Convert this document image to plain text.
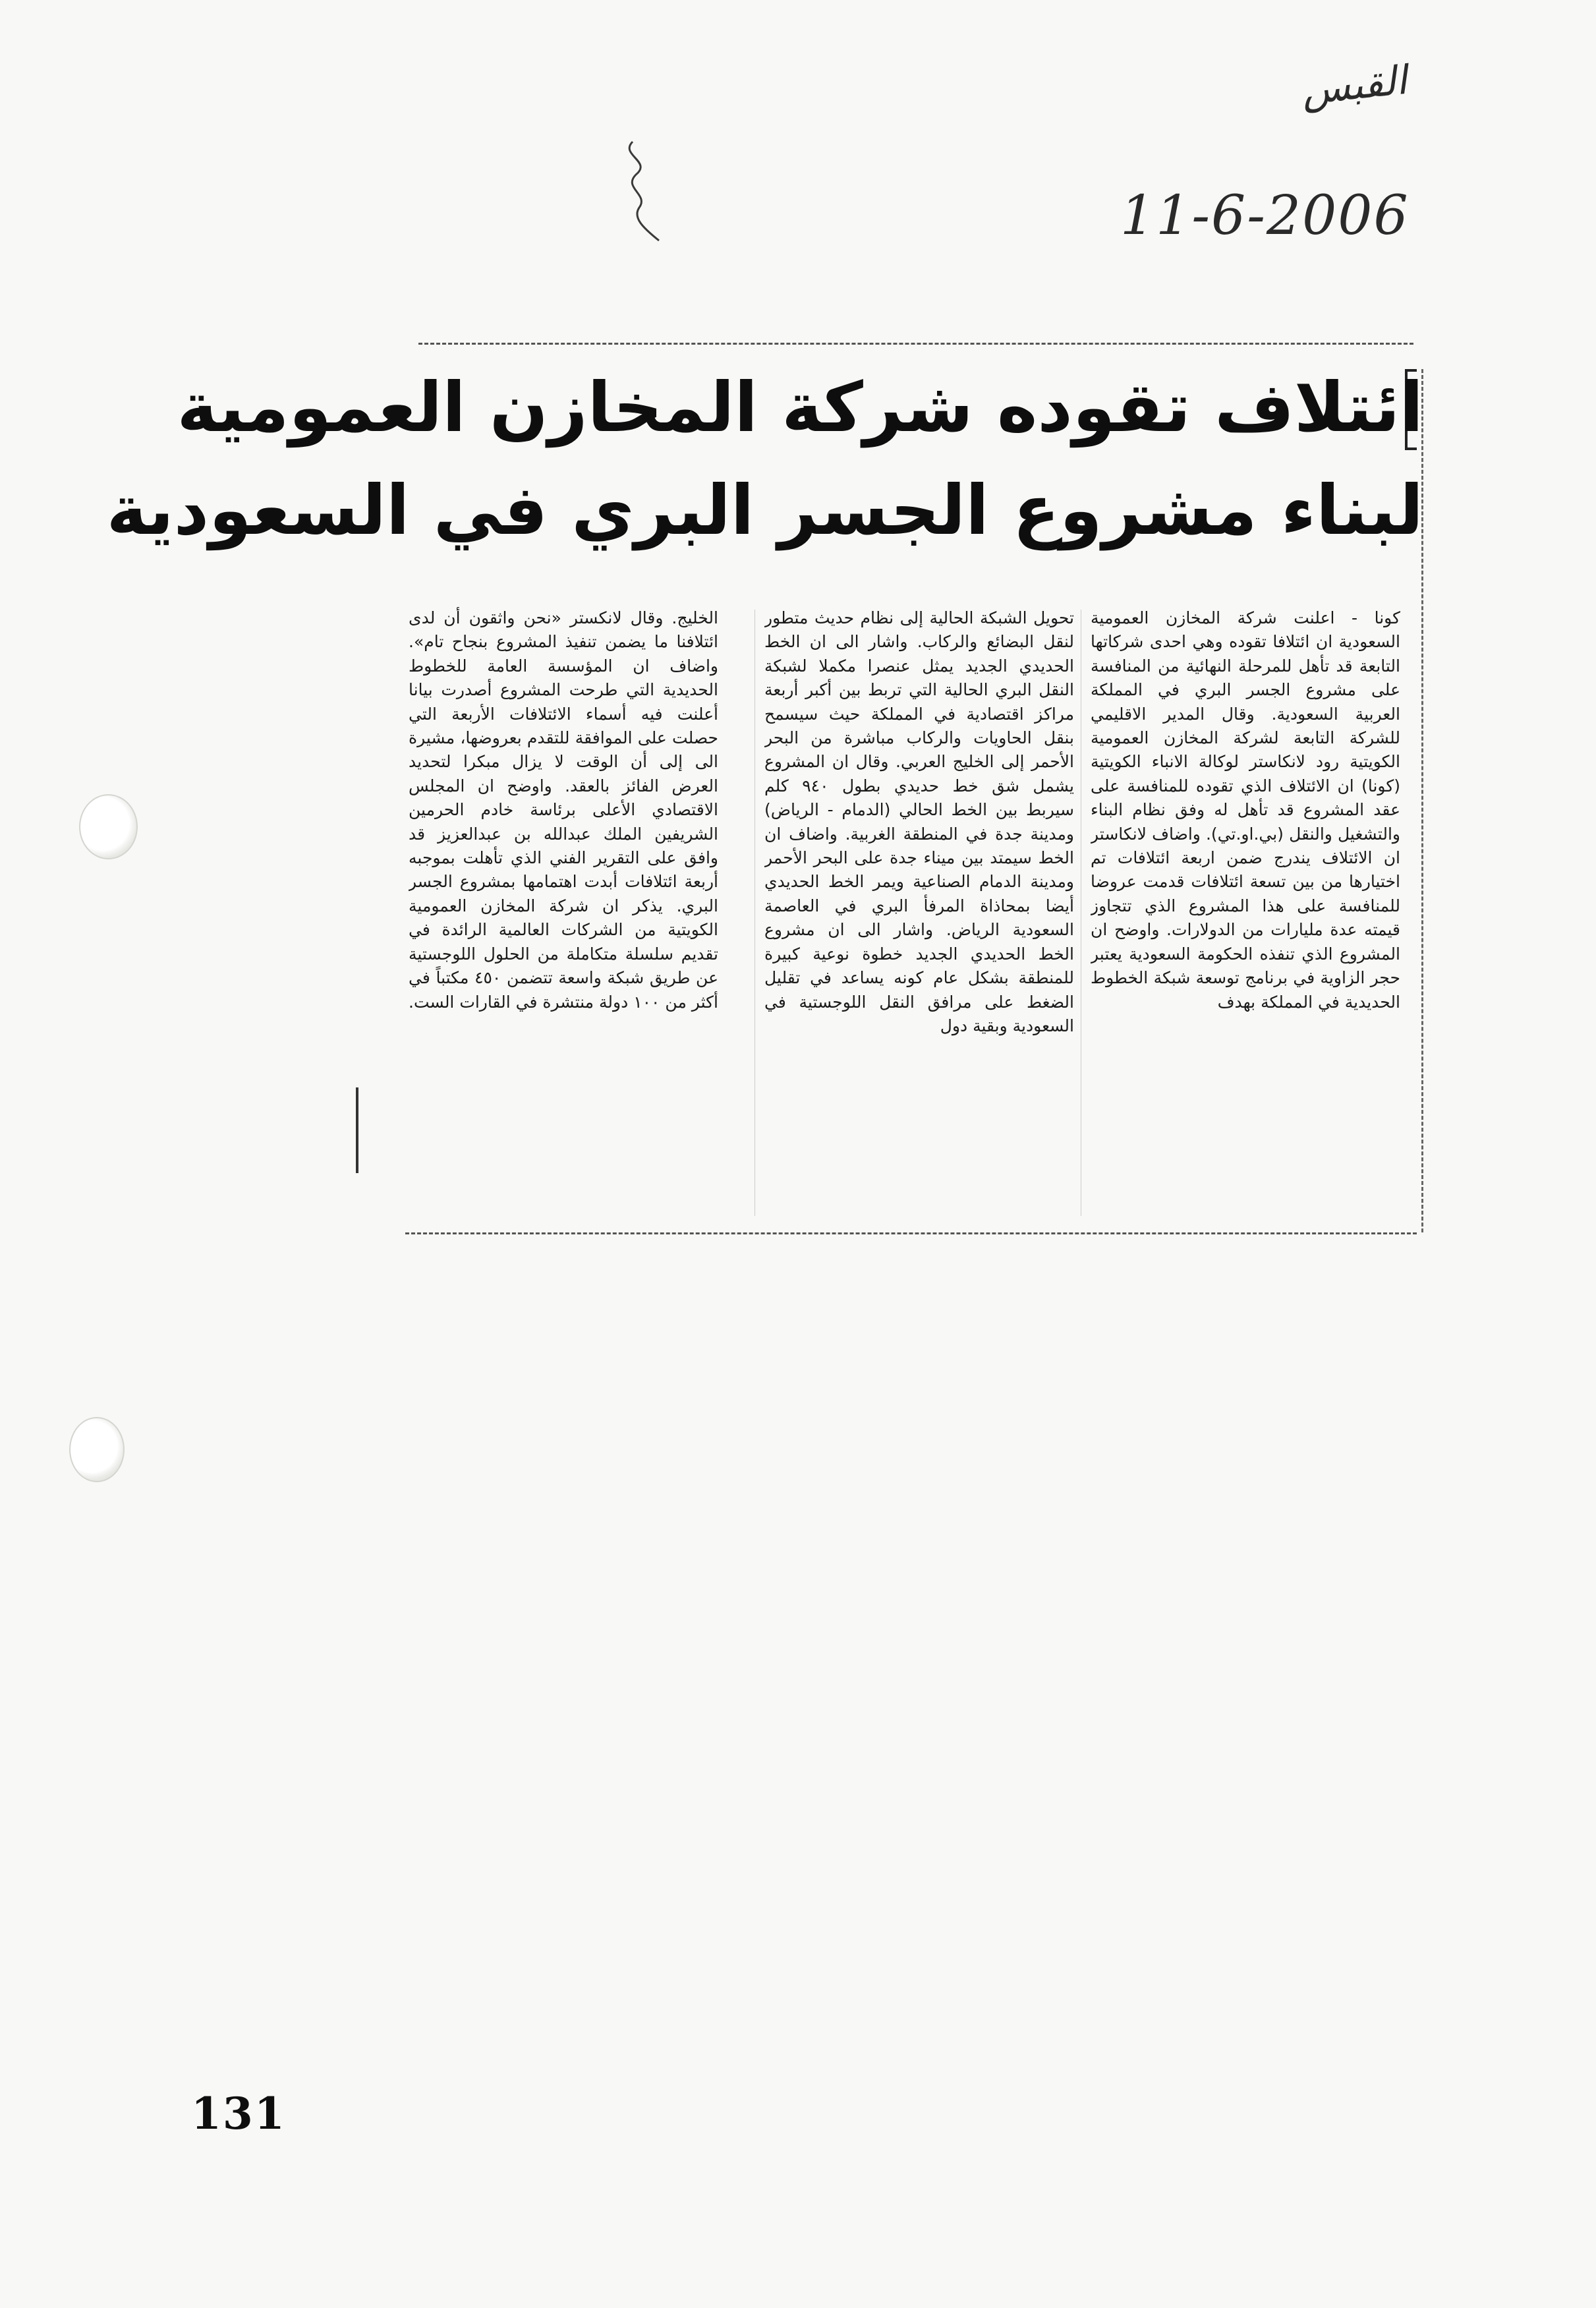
القبس
11-6-2006
ائتلاف تقوده شركة المخازن العمومية
لبناء مشروع الجسر البري في السعودية

كونا - اعلنت شركة المخازن العمومية السعودية ان ائتلافا تقوده وهي احدى شركاتها التابعة قد تأهل للمرحلة النهائية من المنافسة على مشروع الجسر البري في المملكة العربية السعودية. وقال المدير الاقليمي للشركة التابعة لشركة المخازن العمومية الكويتية رود لانكاستر لوكالة الانباء الكويتية (كونا) ان الائتلاف الذي تقوده للمنافسة على عقد المشروع قد تأهل له وفق نظام البناء والتشغيل والنقل (بي.او.تي). واضاف لانكاستر ان الائتلاف يندرج ضمن اربعة ائتلافات تم اختيارها من بين تسعة ائتلافات قدمت عروضا للمنافسة على هذا المشروع الذي تتجاوز قيمته عدة مليارات من الدولارات. واوضح ان المشروع الذي تنفذه الحكومة السعودية يعتبر حجر الزاوية في برنامج توسعة شبكة الخطوط الحديدية في المملكة بهدف

تحويل الشبكة الحالية إلى نظام حديث متطور لنقل البضائع والركاب. واشار الى ان الخط الحديدي الجديد يمثل عنصرا مكملا لشبكة النقل البري الحالية التي تربط بين أكبر أربعة مراكز اقتصادية في المملكة حيث سيسمح بنقل الحاويات والركاب مباشرة من البحر الأحمر إلى الخليج العربي. وقال ان المشروع يشمل شق خط حديدي بطول ٩٤٠ كلم سيربط بين الخط الحالي (الدمام - الرياض) ومدينة جدة في المنطقة الغربية. واضاف ان الخط سيمتد بين ميناء جدة على البحر الأحمر ومدينة الدمام الصناعية ويمر الخط الحديدي أيضا بمحاذاة المرفأ البري في العاصمة السعودية الرياض. واشار الى ان مشروع الخط الحديدي الجديد خطوة نوعية كبيرة للمنطقة بشكل عام كونه يساعد في تقليل الضغط على مرافق النقل اللوجستية في السعودية وبقية دول

الخليج. وقال لانكستر «نحن واثقون أن لدى ائتلافنا ما يضمن تنفيذ المشروع بنجاح تام». واضاف ان المؤسسة العامة للخطوط الحديدية التي طرحت المشروع أصدرت بيانا أعلنت فيه أسماء الائتلافات الأربعة التي حصلت على الموافقة للتقدم بعروضها، مشيرة الى إلى أن الوقت لا يزال مبكرا لتحديد العرض الفائز بالعقد. واوضح ان المجلس الاقتصادي الأعلى برئاسة خادم الحرمين الشريفين الملك عبدالله بن عبدالعزيز قد وافق على التقرير الفني الذي تأهلت بموجبه أربعة ائتلافات أبدت اهتمامها بمشروع الجسر البري. يذكر ان شركة المخازن العمومية الكويتية من الشركات العالمية الرائدة في تقديم سلسلة متكاملة من الحلول اللوجستية عن طريق شبكة واسعة تتضمن ٤٥٠ مكتباً في أكثر من ١٠٠ دولة منتشرة في القارات الست.

131
